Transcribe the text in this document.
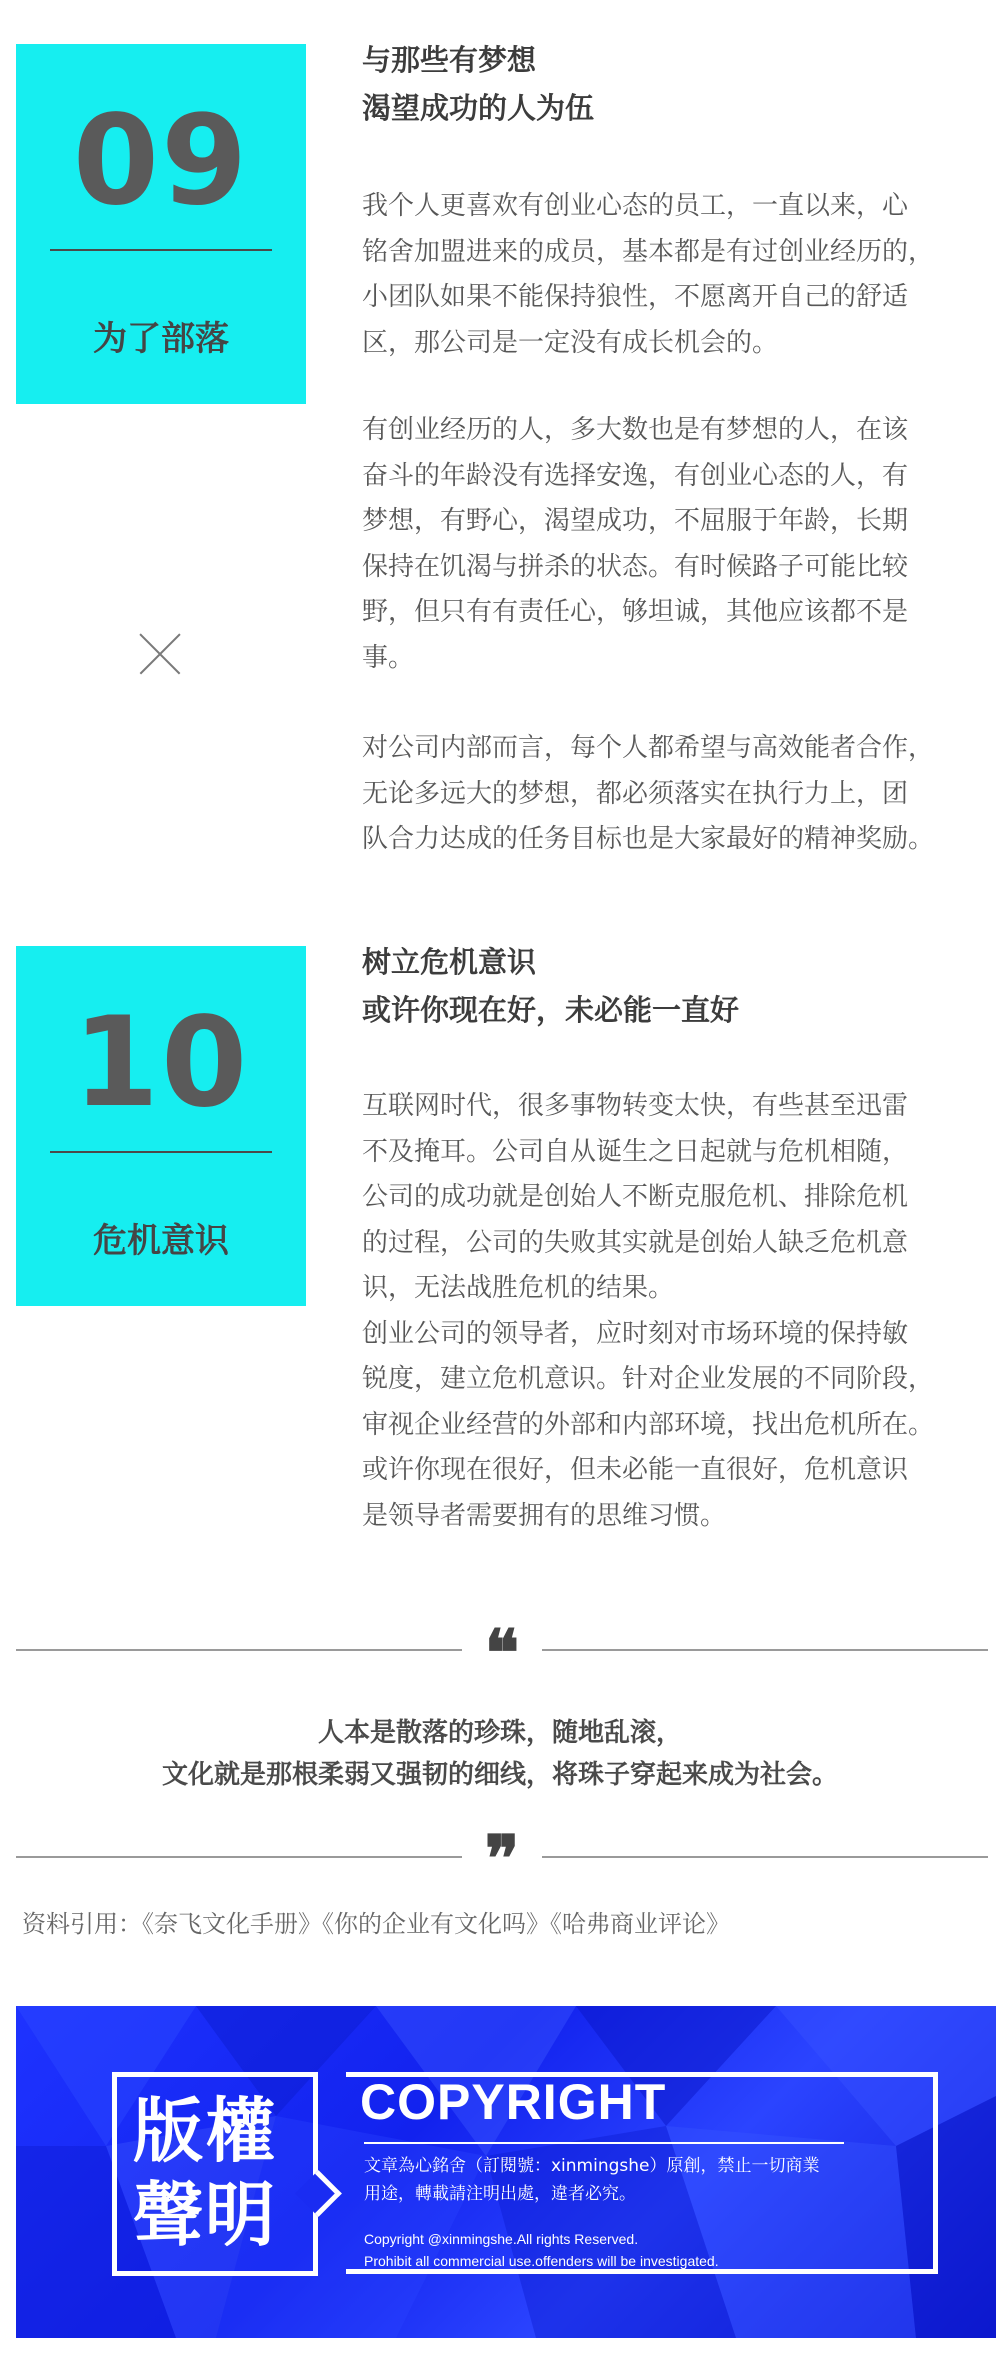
09
为了部落
与那些有梦想
渴望成功的人为伍
我个人更喜欢有创业心态的员工，一直以来，心
铭舍加盟进来的成员，基本都是有过创业经历的，
小团队如果不能保持狼性，不愿离开自己的舒适
区，那公司是一定没有成长机会的。
有创业经历的人，多大数也是有梦想的人，在该
奋斗的年龄没有选择安逸，有创业心态的人，有
梦想，有野心，渴望成功，不屈服于年龄，长期
保持在饥渴与拼杀的状态。有时候路子可能比较
野，但只有有责任心，够坦诚，其他应该都不是
事。
对公司内部而言，每个人都希望与高效能者合作，
无论多远大的梦想，都必须落实在执行力上，团
队合力达成的任务目标也是大家最好的精神奖励。
10
危机意识
树立危机意识
或许你现在好，未必能一直好
互联网时代，很多事物转变太快，有些甚至迅雷
不及掩耳。公司自从诞生之日起就与危机相随，
公司的成功就是创始人不断克服危机、排除危机
的过程，公司的失败其实就是创始人缺乏危机意
识，无法战胜危机的结果。
创业公司的领导者，应时刻对市场环境的保持敏
锐度，建立危机意识。针对企业发展的不同阶段，
审视企业经营的外部和内部环境，找出危机所在。
或许你现在很好，但未必能一直很好，危机意识
是领导者需要拥有的思维习惯。
❝
人本是散落的珍珠，随地乱滚，
文化就是那根柔弱又强韧的细线，将珠子穿起来成为社会。
❞
资料引用：《奈飞文化手册》《你的企业有文化吗》《哈弗商业评论》
版權
聲明
COPYRIGHT
文章為心銘舍（訂閱號：xinmingshe）原創，禁止一切商業
用途，轉載請注明出處，違者必究。
Copyright @xinmingshe.All rights Reserved.
Prohibit all commercial use.offenders will be investigated.
